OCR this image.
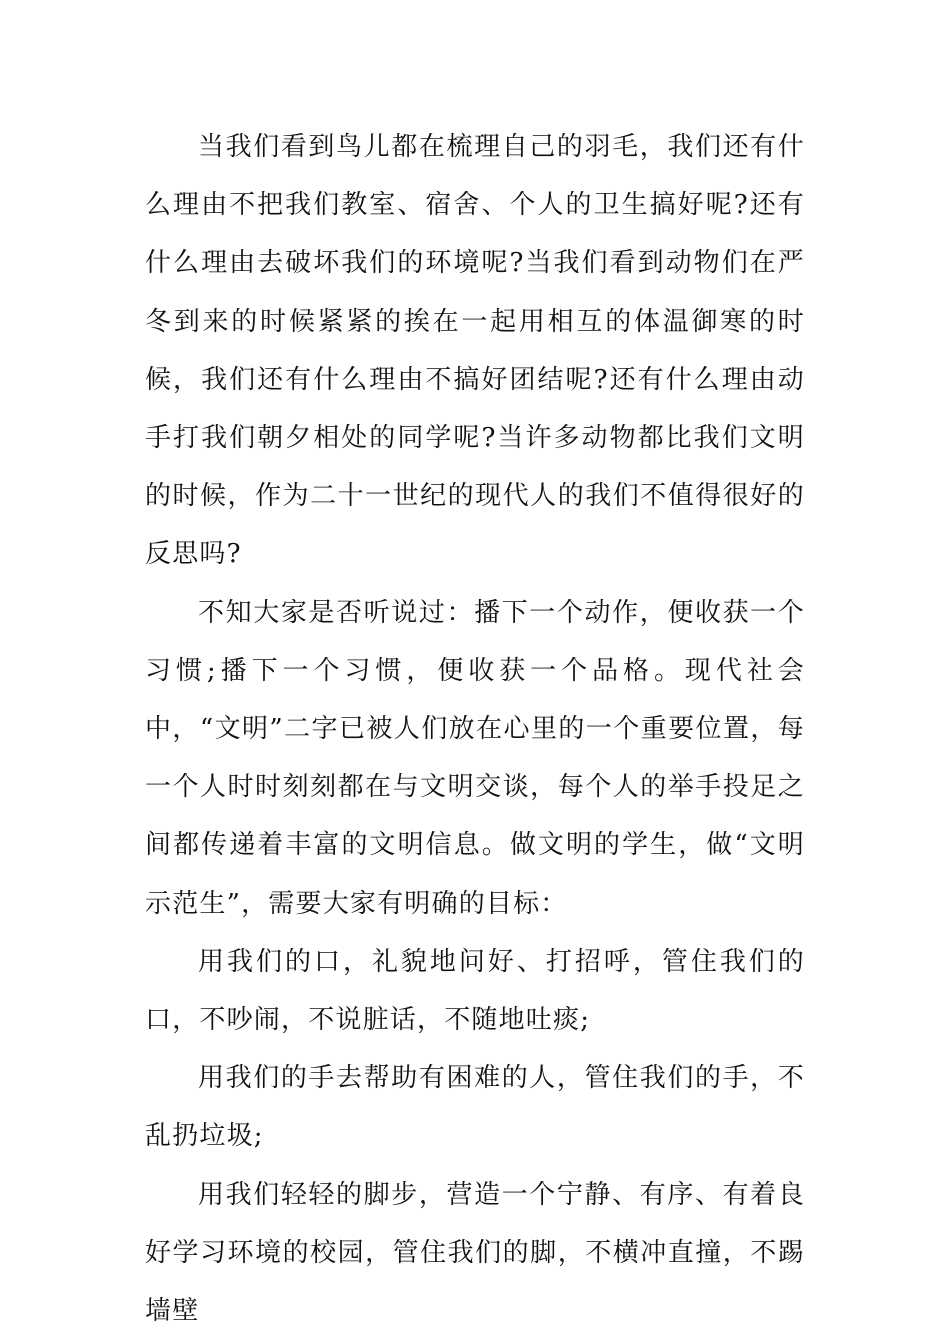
当我们看到鸟儿都在梳理自己的羽毛，我们还有什么理由不把我们教室、宿舍、个人的卫生搞好呢?还有什么理由去破坏我们的环境呢?当我们看到动物们在严冬到来的时候紧紧的挨在一起用相互的体温御寒的时候，我们还有什么理由不搞好团结呢?还有什么理由动手打我们朝夕相处的同学呢?当许多动物都比我们文明的时候，作为二十一世纪的现代人的我们不值得很好的反思吗?

不知大家是否听说过：播下一个动作，便收获一个习惯;播下一个习惯，便收获一个品格。现代社会中，“文明”二字已被人们放在心里的一个重要位置，每一个人时时刻刻都在与文明交谈，每个人的举手投足之间都传递着丰富的文明信息。做文明的学生，做“文明示范生”，需要大家有明确的目标：

用我们的口，礼貌地问好、打招呼，管住我们的口，不吵闹，不说脏话，不随地吐痰;

用我们的手去帮助有困难的人，管住我们的手，不乱扔垃圾;

用我们轻轻的脚步，营造一个宁静、有序、有着良好学习环境的校园，管住我们的脚，不横冲直撞，不踢墙壁
